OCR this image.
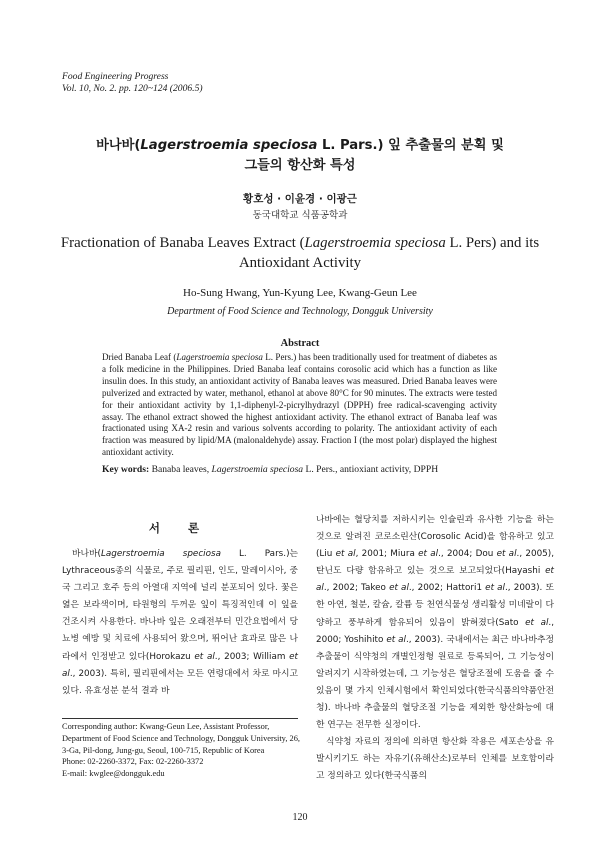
Food Engineering Progress
Vol. 10, No. 2. pp. 120~124 (2006.5)
바나바(Lagerstroemia speciosa L. Pars.) 잎 추출물의 분획 및
그들의 항산화 특성
황호성 · 이윤경 · 이광근
동국대학교 식품공학과
Fractionation of Banaba Leaves Extract (Lagerstroemia speciosa L. Pers) and its Antioxidant Activity
Ho-Sung Hwang, Yun-Kyung Lee, Kwang-Geun Lee
Department of Food Science and Technology, Dongguk University
Abstract
Dried Banaba Leaf (Lagerstroemia speciosa L. Pers.) has been traditionally used for treatment of diabetes as a folk medicine in the Philippines. Dried Banaba leaf contains corosolic acid which has a function as like insulin does. In this study, an antioxidant activity of Banaba leaves was measured. Dried Banaba leaves were pulverized and extracted by water, methanol, ethanol at above 80°C for 90 minutes. The extracts were tested for their antioxidant activity by 1,1-diphenyl-2-picrylhydrazyl (DPPH) free radical-scavenging activity assay. The ethanol extract showed the highest antioxidant activity. The ethanol extract of Banaba leaf was fractionated using XA-2 resin and various solvents according to polarity. The antioxidant activity of each fraction was measured by lipid/MA (malonaldehyde) assay. Fraction I (the most polar) displayed the highest antioxidant activity.
Key words: Banaba leaves, Lagerstroemia speciosa L. Pers., antioxiant activity, DPPH
서 론

바나바(Lagerstroemia speciosa L. Pars.)는 Lythraceous종의 식물로, 주로 필리핀, 인도, 말레이시아, 중국 그리고 호주 등의 아열대 지역에 널리 분포되어 있다. 꽃은 엷은 보라색이며, 타원형의 두꺼운 잎이 특징적인데 이 잎을 건조시켜 사용한다. 바나바 잎은 오래전부터 민간요법에서 당뇨병 예방 및 치료에 사용되어 왔으며, 뛰어난 효과로 많은 나라에서 인정받고 있다(Horokazu et al., 2003; William et al., 2003). 특히, 필리핀에서는 모든 연령대에서 차로 마시고 있다. 유효성분 분석 결과 바

나바에는 혈당치를 저하시키는 인슐린과 유사한 기능을 하는 것으로 알려진 코로소린산(Corosolic Acid)을 함유하고 있고(Liu et al, 2001; Miura et al., 2004; Dou et al., 2005), 탄닌도 다량 함유하고 있는 것으로 보고되었다(Hayashi et al., 2002; Takeo et al., 2002; Hattori1 et al., 2003). 또한 아연, 철분, 칼슘, 칼륨 등 천연식물성 생리활성 미네랄이 다양하고 풍부하게 함유되어 있음이 밝혀졌다(Sato et al., 2000; Yoshihito et al., 2003). 국내에서는 최근 바나바추정추출물이 식약청의 개별인정형 원료로 등록되어, 그 기능성이 알려지기 시작하였는데, 그 기능성은 혈당조절에 도움을 줄 수 있음이 몇 가지 인체시험에서 확인되었다(한국식품의약품안전청). 바나바 추출물의 혈당조절 기능을 제외한 항산화능에 대한 연구는 전무한 실정이다.

식약청 자료의 정의에 의하면 항산화 작용은 세포손상을 유발시키기도 하는 자유기(유해산소)로부터 인체를 보호함이라고 정의하고 있다(한국식품의

Corresponding author: Kwang-Geun Lee, Assistant Professor, Department of Food Science and Technology, Dongguk University, 26, 3-Ga, Pil-dong, Jung-gu, Seoul, 100-715, Republic of Korea
Phone: 02-2260-3372, Fax: 02-2260-3372
E-mail: kwglee@dongguk.edu
120
